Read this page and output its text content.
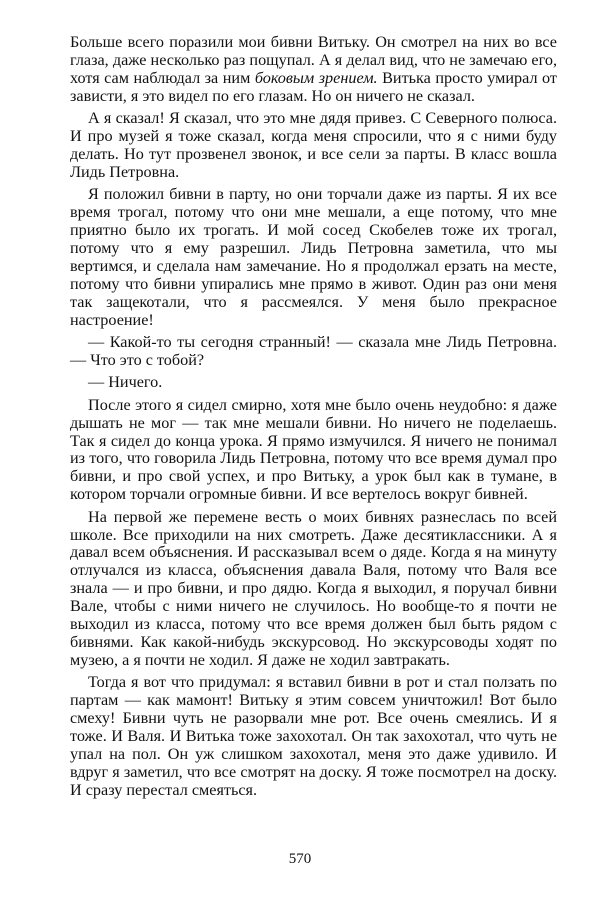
Больше всего поразили мои бивни Витьку. Он смотрел на них во все глаза, даже несколько раз пощупал. А я делал вид, что не замечаю его, хотя сам наблюдал за ним боковым зрением. Витька просто умирал от зависти, я это видел по его глазам. Но он ничего не сказал.

А я сказал! Я сказал, что это мне дядя привез. С Северного полюса. И про музей я тоже сказал, когда меня спросили, что я с ними буду делать. Но тут прозвенел звонок, и все сели за парты. В класс вошла Лидь Петровна.

Я положил бивни в парту, но они торчали даже из парты. Я их все время трогал, потому что они мне мешали, а еще потому, что мне приятно было их трогать. И мой сосед Скобелев тоже их трогал, потому что я ему разрешил. Лидь Петровна заметила, что мы вертимся, и сделала нам замечание. Но я продолжал ерзать на месте, потому что бивни упирались мне прямо в живот. Один раз они меня так защекотали, что я рассмеялся. У меня было прекрасное настроение!

— Какой-то ты сегодня странный! — сказала мне Лидь Петровна.— Что это с тобой?

— Ничего.

После этого я сидел смирно, хотя мне было очень неудобно: я даже дышать не мог — так мне мешали бивни. Но ничего не поделаешь. Так я сидел до конца урока. Я прямо измучился. Я ничего не понимал из того, что говорила Лидь Петровна, потому что все время думал про бивни, и про свой успех, и про Витьку, а урок был как в тумане, в котором торчали огромные бивни. И все вертелось вокруг бивней.

На первой же перемене весть о моих бивнях разнеслась по всей школе. Все приходили на них смотреть. Даже десятиклассники. А я давал всем объяснения. И рассказывал всем о дяде. Когда я на минуту отлучался из класса, объяснения давала Валя, потому что Валя все знала — и про бивни, и про дядю. Когда я выходил, я поручал бивни Вале, чтобы с ними ничего не случилось. Но вообще-то я почти не выходил из класса, потому что все время должен был быть рядом с бивнями. Как какой-нибудь экскурсовод. Но экскурсоводы ходят по музею, а я почти не ходил. Я даже не ходил завтракать.

Тогда я вот что придумал: я вставил бивни в рот и стал ползать по партам — как мамонт! Витьку я этим совсем уничтожил! Вот было смеху! Бивни чуть не разорвали мне рот. Все очень смеялись. И я тоже. И Валя. И Витька тоже захохотал. Он так захохотал, что чуть не упал на пол. Он уж слишком захохотал, меня это даже удивило. И вдруг я заметил, что все смотрят на доску. Я тоже посмотрел на доску. И сразу перестал смеяться.

570
